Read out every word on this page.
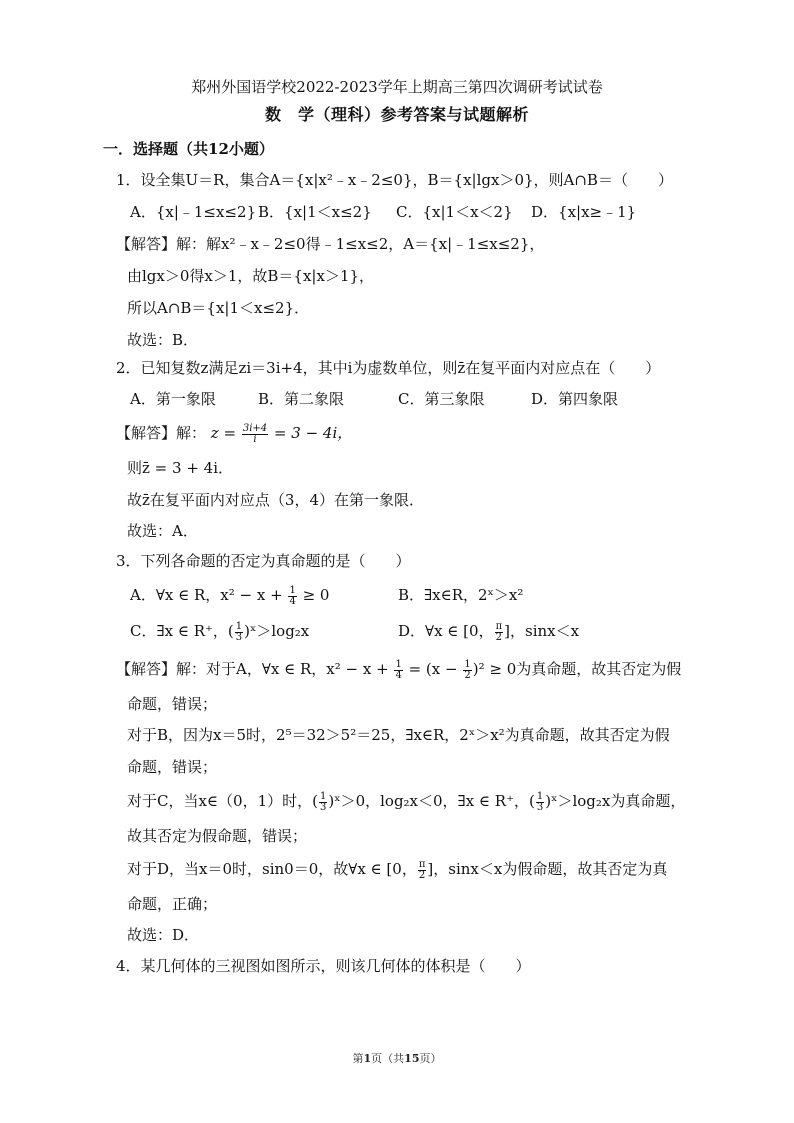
郑州外国语学校2022-2023学年上期高三第四次调研考试试卷
数　学（理科）参考答案与试题解析
一．选择题（共12小题）
1．设全集U＝R，集合A＝{x|x²﹣x﹣2≤0}，B＝{x|lgx＞0}，则A∩B＝（　　）
A．{x|﹣1≤x≤2} B．{x|1＜x≤2} C．{x|1＜x＜2} D．{x|x≥﹣1}
【解答】解：解x²﹣x﹣2≤0得﹣1≤x≤2，A＝{x|﹣1≤x≤2}，
由lgx＞0得x＞1，故B＝{x|x＞1}，
所以A∩B＝{x|1＜x≤2}．
故选：B．
2．已知复数z满足zi＝3i+4，其中i为虚数单位，则z̄在复平面内对应点在（　　）
A．第一象限	B．第二象限	C．第三象限	D．第四象限
【解答】解： $z = \frac{3i+4}{i} = 3 - 4i$，
则z̄ = 3 + 4i．
故z̄在复平面内对应点（3，4）在第一象限．
故选：A．
3．下列各命题的否定为真命题的是（　　）
A．∀x ∈ R，$x^2 - x + \frac{1}{4} \ge 0$	B．∃x∈R，2ˣ＞x²
C．∃x ∈ R⁺，( $\frac{1}{3}$ )ˣ＞log₂x	D．∀x ∈ [0， $\frac{\pi}{2}$ ]，sinx＜x
【解答】解：对于A，∀x ∈ R，$x^2 - x + \frac{1}{4} = (x - \frac{1}{2} )^2 \ge 0$为真命题，故其否定为假
命题，错误；
对于B，因为x＝5时，2⁵＝32＞5²＝25，∃x∈R，2ˣ＞x²为真命题，故其否定为假
命题，错误；
对于C，当x∈（0，1）时，( $\frac{1}{3}$ )ˣ＞0，log₂x＜0，∃x ∈ R⁺，( $\frac{1}{3}$ )ˣ＞log₂x为真命题，
故其否定为假命题，错误；
对于D，当x＝0时，sin0＝0，故∀x ∈ [0， $\frac{\pi}{2}$ ]，sinx＜x为假命题，故其否定为真
命题，正确；
故选：D．
4．某几何体的三视图如图所示，则该几何体的体积是（　　）
第1页（共15页）
